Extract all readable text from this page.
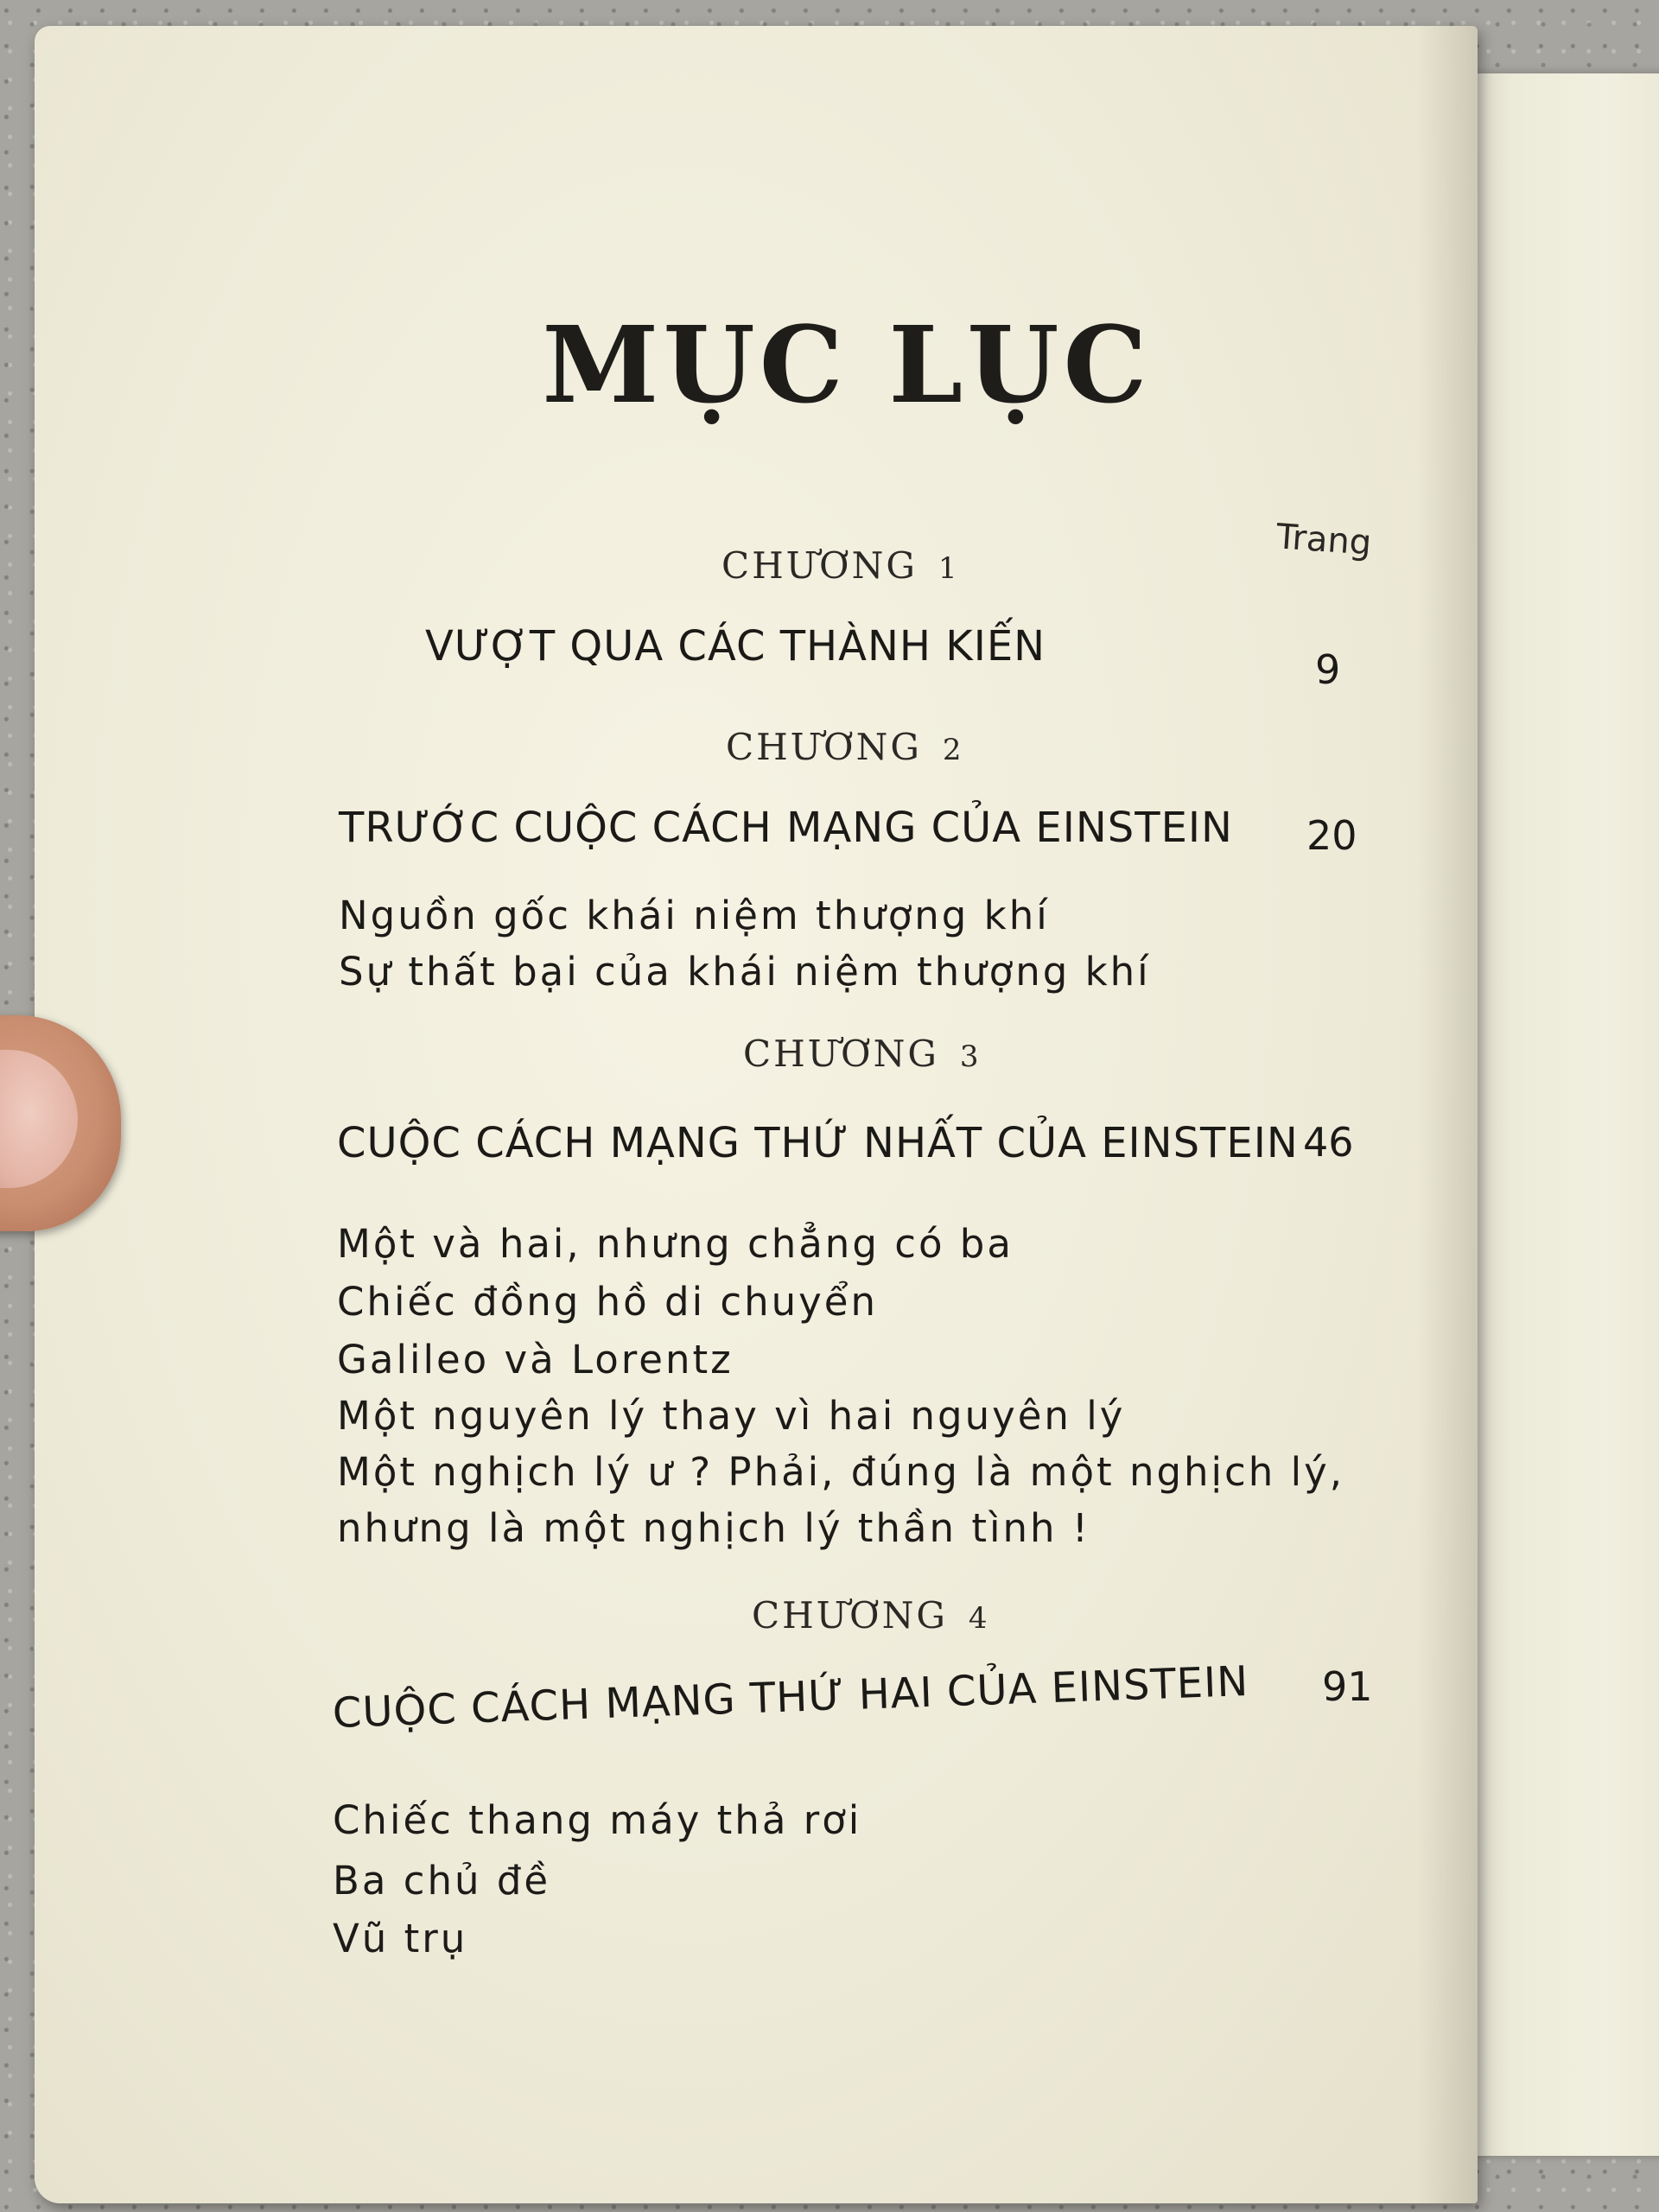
MỤC LỤC
Trang
CHƯƠNG 1
VƯỢT QUA CÁC THÀNH KIẾN	9
CHƯƠNG 2
TRƯỚC CUỘC CÁCH MẠNG CỦA EINSTEIN 20
Nguồn gốc khái niệm thượng khí
Sự thất bại của khái niệm thượng khí
CHƯƠNG 3
CUỘC CÁCH MẠNG THỨ NHẤT CỦA EINSTEIN 46
Một và hai, nhưng chẳng có ba
Chiếc đồng hồ di chuyển
Galileo và Lorentz
Một nguyên lý thay vì hai nguyên lý
Một nghịch lý ư ? Phải, đúng là một nghịch lý,
nhưng là một nghịch lý thần tình !
CHƯƠNG 4
CUỘC CÁCH MẠNG THỨ HAI CỦA EINSTEIN 91
Chiếc thang máy thả rơi
Ba chủ đề
Vũ trụ
